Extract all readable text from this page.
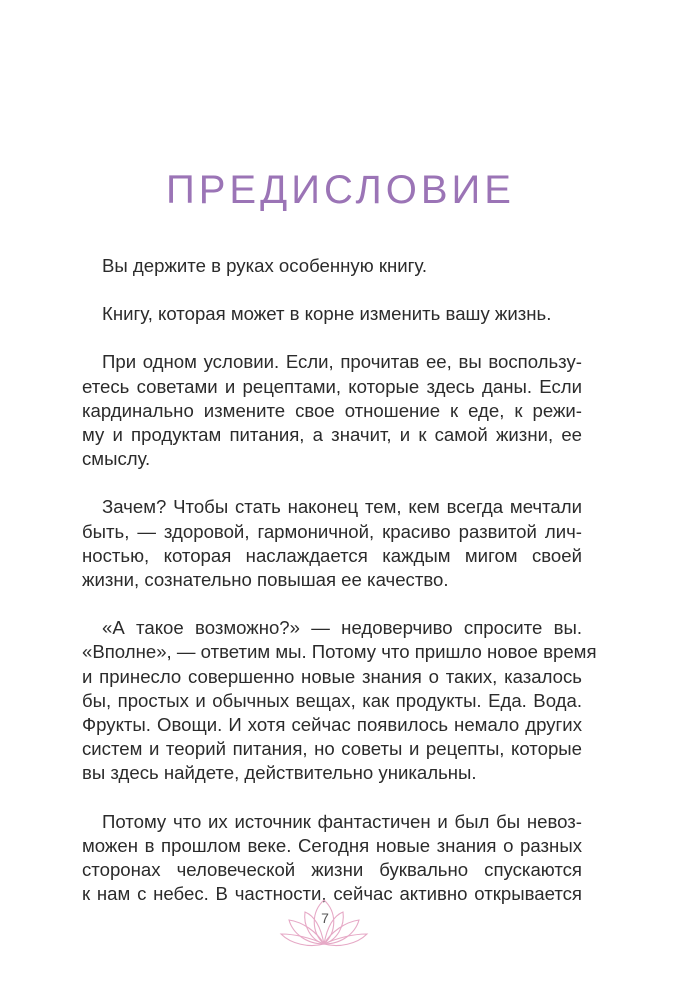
ПРЕДИСЛОВИЕ

Вы держите в руках особенную книгу.

Книгу, которая может в корне изменить вашу жизнь.

При одном условии. Если, прочитав ее, вы воспользу-
етесь советами и рецептами, которые здесь даны. Если
кардинально измените свое отношение к еде, к режи-
му и продуктам питания, а значит, и к самой жизни, ее
смыслу.

Зачем? Чтобы стать наконец тем, кем всегда мечтали
быть, — здоровой, гармоничной, красиво развитой лич-
ностью, которая наслаждается каждым мигом своей
жизни, сознательно повышая ее качество.

«А такое возможно?» — недоверчиво спросите вы.
«Вполне», — ответим мы. Потому что пришло новое время
и принесло совершенно новые знания о таких, казалось
бы, простых и обычных вещах, как продукты. Еда. Вода.
Фрукты. Овощи. И хотя сейчас появилось немало других
систем и теорий питания, но советы и рецепты, которые
вы здесь найдете, действительно уникальны.

Потому что их источник фантастичен и был бы невоз-
можен в прошлом веке. Сегодня новые знания о разных
сторонах человеческой жизни буквально спускаются
к нам с небес. В частности, сейчас активно открывается

7
